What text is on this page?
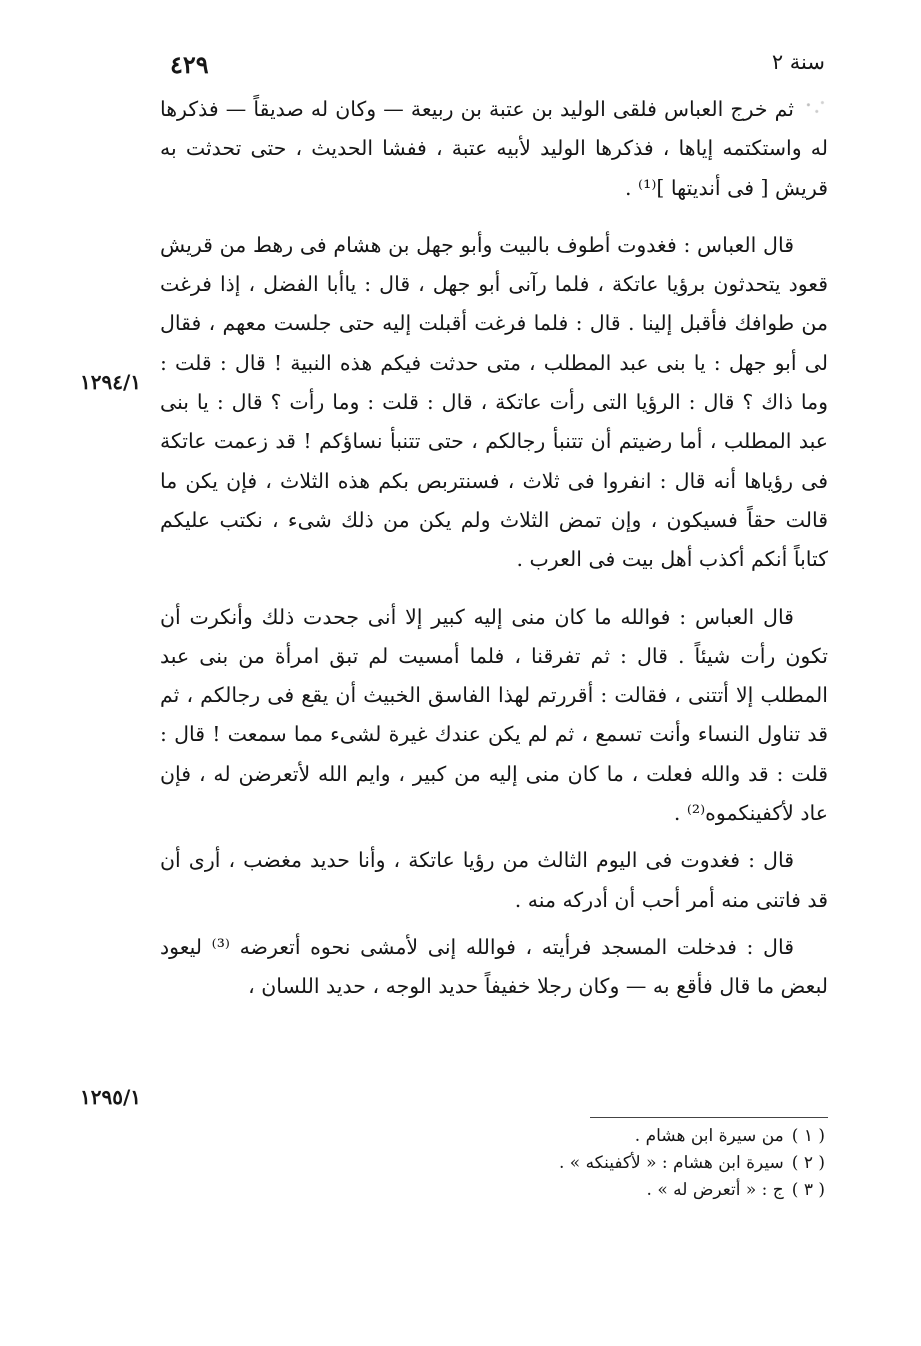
٤٢٩	سنة ٢

ثم خرج العباس فلقى الوليد بن عتبة بن ربيعة — وكان له صديقاً — فذكرها له واستكتمه إياها ، فذكرها الوليد لأبيه عتبة ، ففشا الحديث ، حتى تحدثت به قريش [ فى أنديتها ]⁽¹⁾ .

قال العباس : فغدوت أطوف بالبيت وأبو جهل بن هشام فى رهط من قريش قعود يتحدثون برؤيا عاتكة ، فلما رآنى أبو جهل ، قال : ياأبا الفضل ، إذا فرغت من طوافك فأقبل إلينا . قال : فلما فرغت أقبلت إليه حتى جلست معهم ، فقال لى أبو جهل : يا بنى عبد المطلب ، متى حدثت فيكم هذه النبية ! قال : قلت : وما ذاك ؟ قال : الرؤيا التى رأت عاتكة ، قال : قلت : وما رأت ؟ قال : يا بنى عبد المطلب ، أما رضيتم أن تتنبأ رجالكم ، حتى تتنبأ نساؤكم ! قد زعمت عاتكة فى رؤياها أنه قال : انفروا فى ثلاث ، فسنتربص بكم هذه الثلاث ، فإن يكن ما قالت حقاً فسيكون ، وإن تمض الثلاث ولم يكن من ذلك شىء ، نكتب عليكم كتاباً أنكم أكذب أهل بيت فى العرب .

قال العباس : فوالله ما كان منى إليه كبير إلا أنى جحدت ذلك وأنكرت أن تكون رأت شيئاً . قال : ثم تفرقنا ، فلما أمسيت لم تبق امرأة من بنى عبد المطلب إلا أتتنى ، فقالت : أقررتم لهذا الفاسق الخبيث أن يقع فى رجالكم ، ثم قد تناول النساء وأنت تسمع ، ثم لم يكن عندك غيرة لشىء مما سمعت ! قال : قلت : قد والله فعلت ، ما كان منى إليه من كبير ، وايم الله لأتعرضن له ، فإن عاد لأكفينكموه⁽²⁾ .

قال : فغدوت فى اليوم الثالث من رؤيا عاتكة ، وأنا حديد مغضب ، أرى أن قد فاتنى منه أمر أحب أن أدركه منه .

قال : فدخلت المسجد فرأيته ، فوالله إنى لأمشى نحوه أتعرضه ⁽³⁾ ليعود لبعض ما قال فأقع به — وكان رجلا خفيفاً حديد الوجه ، حديد اللسان ،

١٢٩٤/١
١٢٩٥/١

( ١ )من سيرة ابن هشام .

( ٢ )سيرة ابن هشام : « لأكفينكه » .

( ٣ )ج : « أتعرض له » .
